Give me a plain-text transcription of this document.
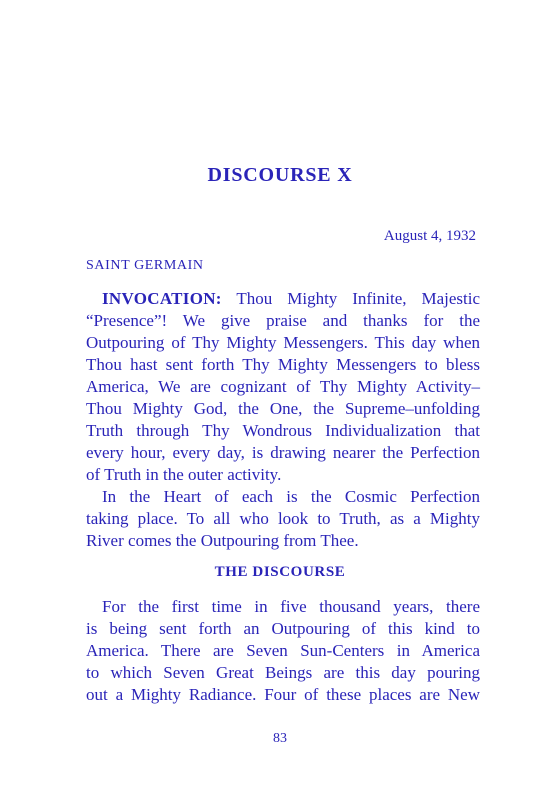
DISCOURSE X
August 4, 1932
SAINT GERMAIN
INVOCATION: Thou Mighty Infinite, Majestic
“Presence”! We give praise and thanks for the
Outpouring of Thy Mighty Messengers. This day when
Thou hast sent forth Thy Mighty Messengers to bless
America, We are cognizant of Thy Mighty Activity–
Thou Mighty God, the One, the Supreme–unfolding
Truth through Thy Wondrous Individualization that
every hour, every day, is drawing nearer the Perfection
of Truth in the outer activity.
In the Heart of each is the Cosmic Perfection
taking place. To all who look to Truth, as a Mighty
River comes the Outpouring from Thee.
THE DISCOURSE
For the first time in five thousand years, there
is being sent forth an Outpouring of this kind to
America. There are Seven Sun-Centers in America
to which Seven Great Beings are this day pouring
out a Mighty Radiance. Four of these places are New
83
